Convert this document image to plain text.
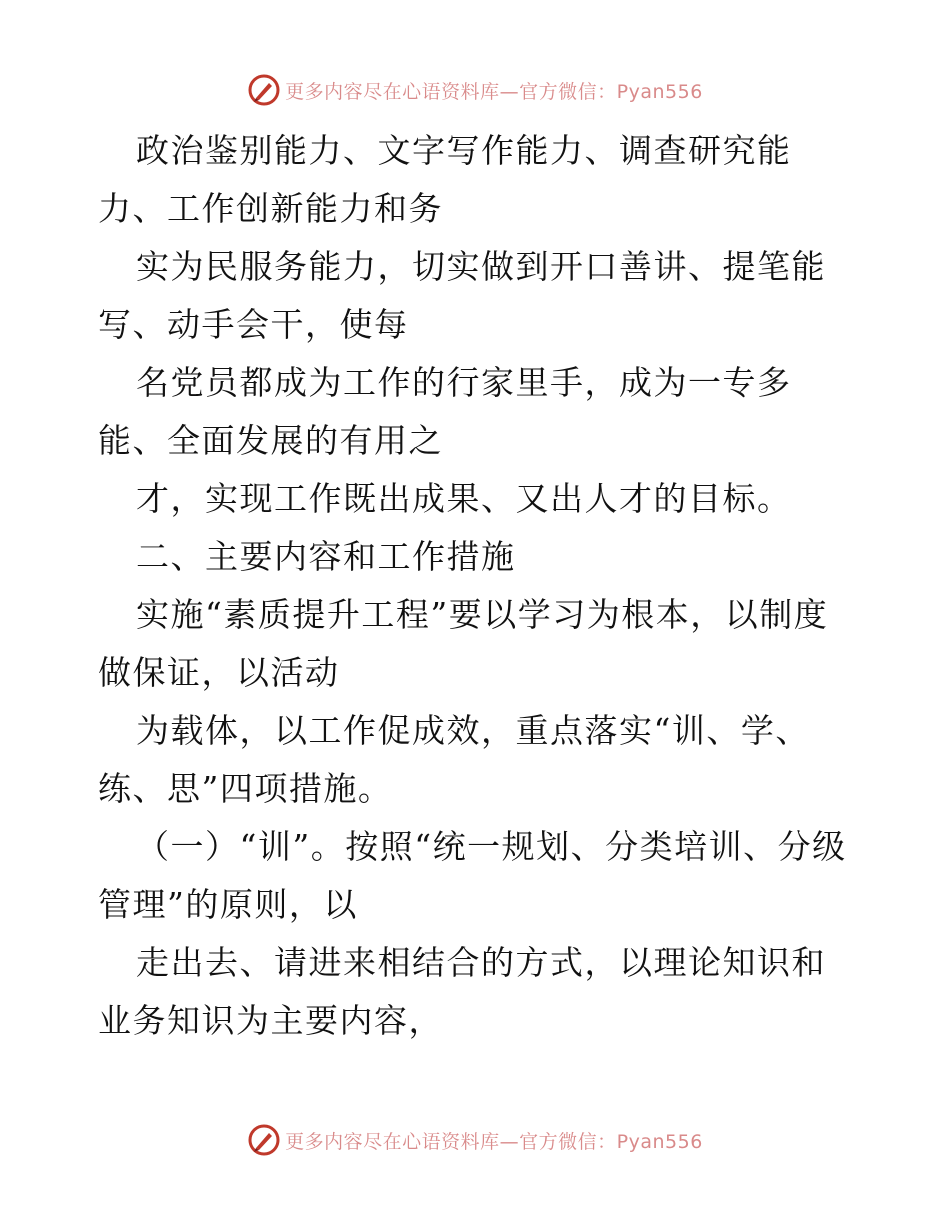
更多内容尽在心语资料库—官方微信：Pyan556

政治鉴别能力、文字写作能力、调查研究能力、工作创新能力和务

实为民服务能力，切实做到开口善讲、提笔能写、动手会干，使每

名党员都成为工作的行家里手，成为一专多能、全面发展的有用之

才，实现工作既出成果、又出人才的目标。

二、主要内容和工作措施

实施“素质提升工程”要以学习为根本，以制度做保证，以活动

为载体，以工作促成效，重点落实“训、学、练、思”四项措施。

（一）“训”。按照“统一规划、分类培训、分级管理”的原则，以

走出去、请进来相结合的方式，以理论知识和业务知识为主要内容，

更多内容尽在心语资料库—官方微信：Pyan556
